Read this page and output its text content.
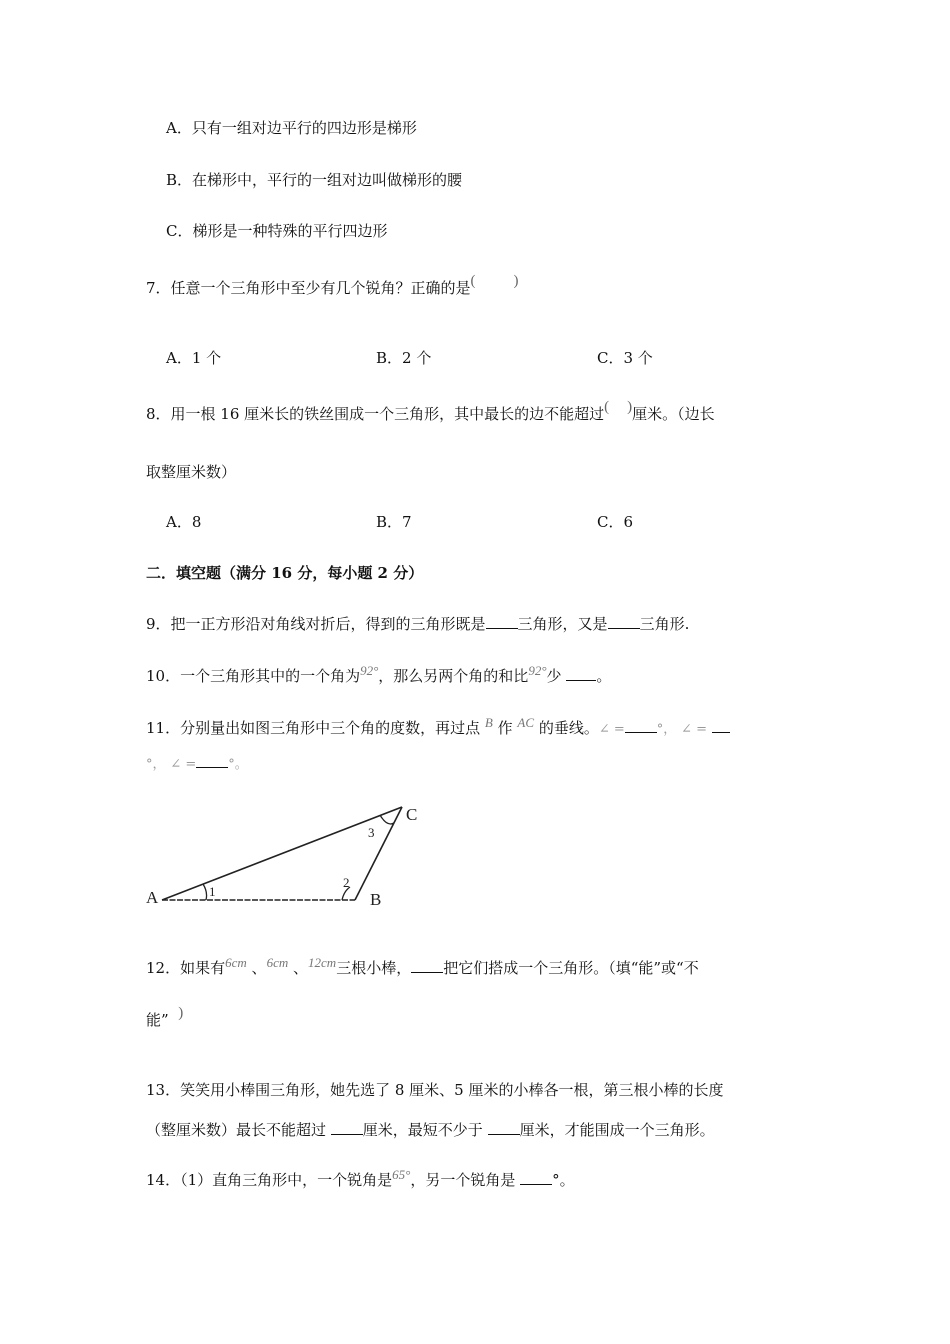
A．只有一组对边平行的四边形是梯形
B．在梯形中，平行的一组对边叫做梯形的腰
C．梯形是一种特殊的平行四边形
7．任意一个三角形中至少有几个锐角？正确的是(	)
A．1 个	B．2 个	C．3 个
8．用一根 16 厘米长的铁丝围成一个三角形，其中最长的边不能超过( )厘米。（边长
取整厘米数）
A．8	B．7	C．6
二．填空题（满分 16 分，每小题 2 分）
9．把一正方形沿对角线对折后，得到的三角形既是 三角形，又是 三角形.
10．一个三角形其中的一个角为92°，那么另两个角的和比92°少 。
11．分别量出如图三角形中三个角的度数，再过点 B 作 AC 的垂线。∠ = °， ∠ =
°， ∠ = °。
A	B
C
1
2
3
12．如果有6cm 、6cm 、12cm三根小棒， 把它们搭成一个三角形。（填“能”或“不
能” )
13．笑笑用小棒围三角形，她先选了 8 厘米、5 厘米的小棒各一根，第三根小棒的长度
（整厘米数）最长不能超过 厘米，最短不少于 厘米，才能围成一个三角形。
14．（1）直角三角形中，一个锐角是65°，另一个锐角是 °。
